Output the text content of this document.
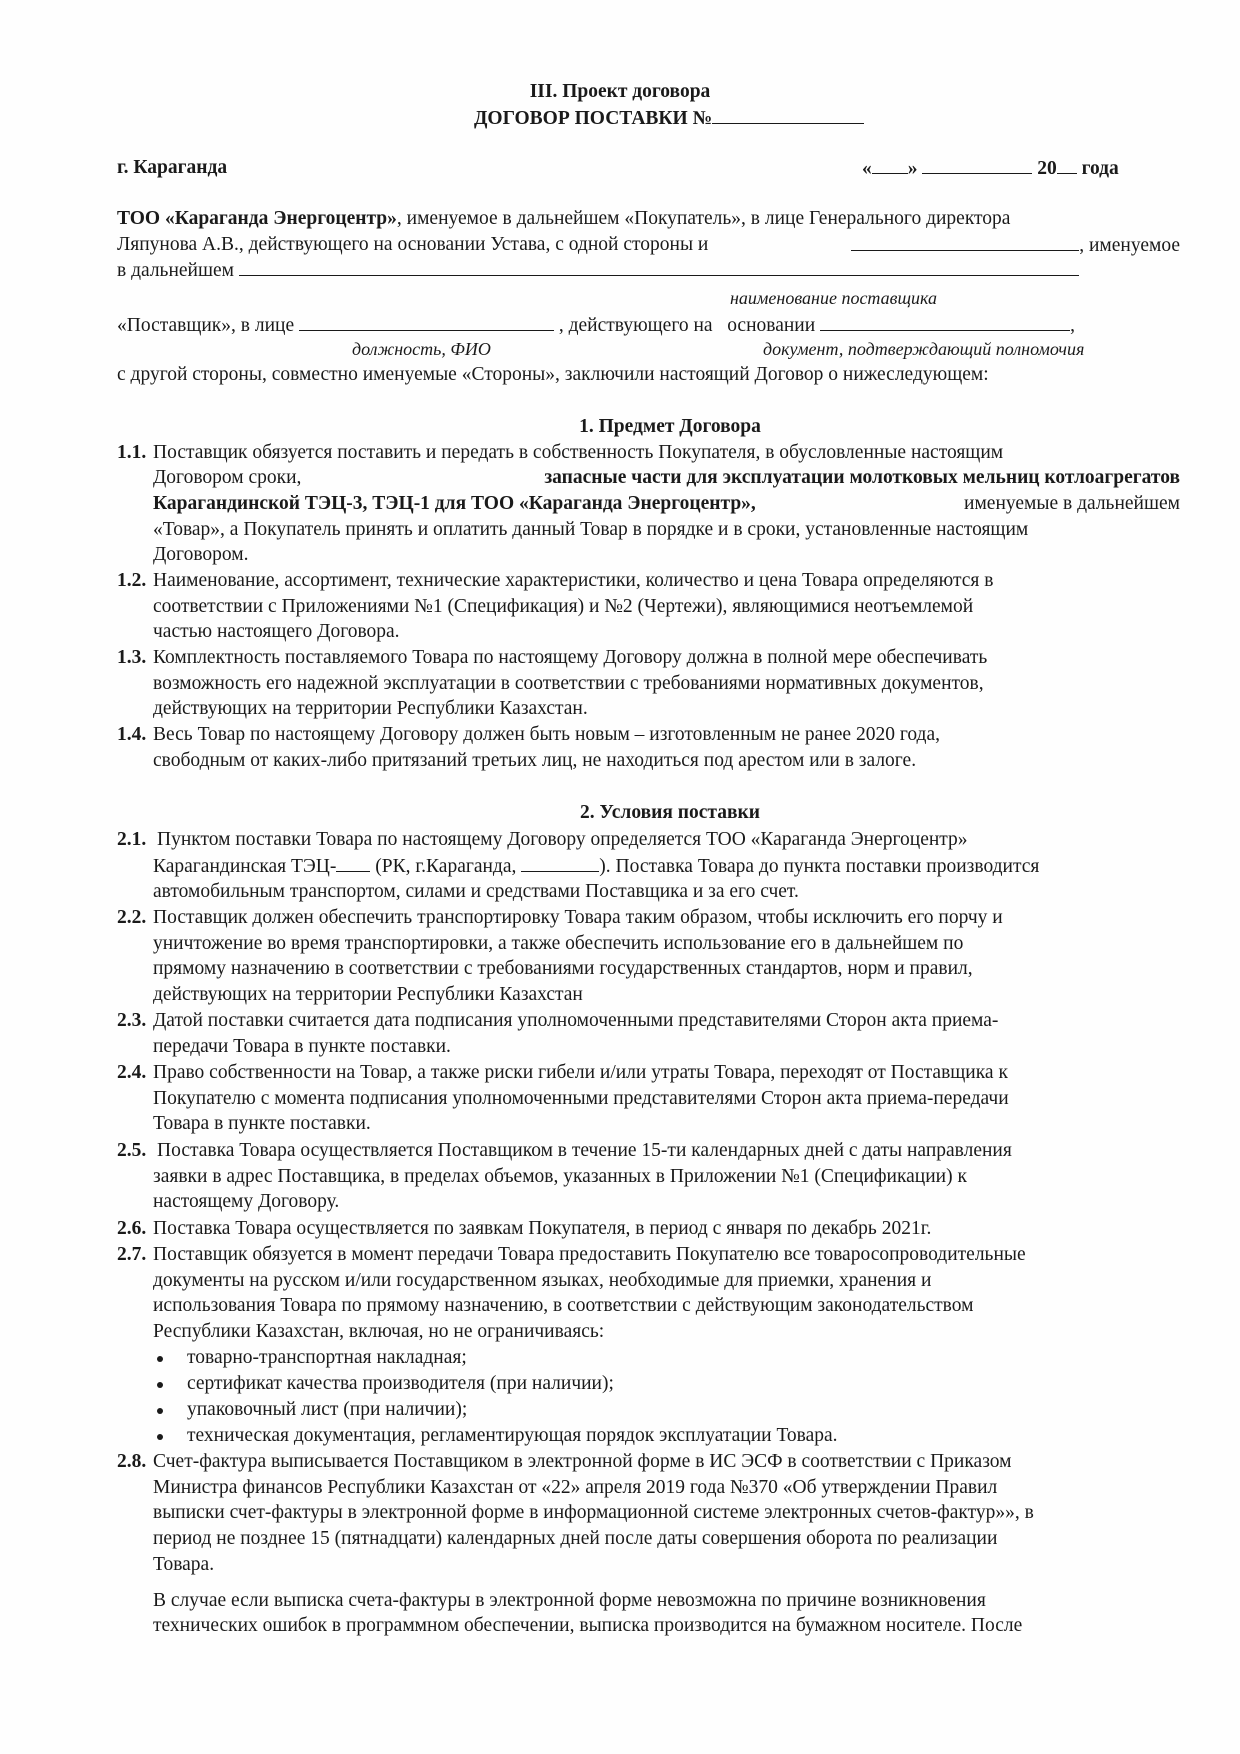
III. Проект договора
ДОГОВОР ПОСТАВКИ №
г. Караганда	« »	20 года
ТОО «Караганда Энергоцентр», именуемое в дальнейшем «Покупатель», в лице Генерального директора
Ляпунова А.В., действующего на основании Устава, с одной стороны и	, именуемое
в дальнейшем
наименование поставщика
«Поставщик», в лице	, действующего на основании	,
должность, ФИО	документ, подтверждающий полномочия
с другой стороны, совместно именуемые «Стороны», заключили настоящий Договор о нижеследующем:
1. Предмет Договора
1.1. Поставщик обязуется поставить и передать в собственность Покупателя, в обусловленные настоящим
Договором сроки,	запасные части для эксплуатации молотковых мельниц котлоагрегатов
Карагандинской ТЭЦ-3, ТЭЦ-1 для ТОО «Караганда Энергоцентр»,	именуемые в дальнейшем
«Товар», а Покупатель принять и оплатить данный Товар в порядке и в сроки, установленные настоящим
Договором.
1.2. Наименование, ассортимент, технические характеристики, количество и цена Товара определяются в
соответствии с Приложениями №1 (Спецификация) и №2 (Чертежи), являющимися неотъемлемой
частью настоящего Договора.
1.3. Комплектность поставляемого Товара по настоящему Договору должна в полной мере обеспечивать
возможность его надежной эксплуатации в соответствии с требованиями нормативных документов,
действующих на территории Республики Казахстан.
1.4. Весь Товар по настоящему Договору должен быть новым – изготовленным не ранее 2020 года,
свободным от каких-либо притязаний третьих лиц, не находиться под арестом или в залоге.
2. Условия поставки
2.1. Пунктом поставки Товара по настоящему Договору определяется ТОО «Караганда Энергоцентр»
Карагандинская ТЭЦ- (РК, г.Караганда,	). Поставка Товара до пункта поставки производится
автомобильным транспортом, силами и средствами Поставщика и за его счет.
2.2. Поставщик должен обеспечить транспортировку Товара таким образом, чтобы исключить его порчу и
уничтожение во время транспортировки, а также обеспечить использование его в дальнейшем по
прямому назначению в соответствии с требованиями государственных стандартов, норм и правил,
действующих на территории Республики Казахстан
2.3. Датой поставки считается дата подписания уполномоченными представителями Сторон акта приема-
передачи Товара в пункте поставки.
2.4. Право собственности на Товар, а также риски гибели и/или утраты Товара, переходят от Поставщика к
Покупателю с момента подписания уполномоченными представителями Сторон акта приема-передачи
Товара в пункте поставки.
2.5. Поставка Товара осуществляется Поставщиком в течение 15-ти календарных дней с даты направления
заявки в адрес Поставщика, в пределах объемов, указанных в Приложении №1 (Спецификации) к
настоящему Договору.
2.6. Поставка Товара осуществляется по заявкам Покупателя, в период с января по декабрь 2021г.
2.7. Поставщик обязуется в момент передачи Товара предоставить Покупателю все товаросопроводительные
документы на русском и/или государственном языках, необходимые для приемки, хранения и
использования Товара по прямому назначению, в соответствии с действующим законодательством
Республики Казахстан, включая, но не ограничиваясь:
товарно-транспортная накладная;
сертификат качества производителя (при наличии);
упаковочный лист (при наличии);
техническая документация, регламентирующая порядок эксплуатации Товара.
2.8. Счет-фактура выписывается Поставщиком в электронной форме в ИС ЭСФ в соответствии с Приказом
Министра финансов Республики Казахстан от «22» апреля 2019 года №370 «Об утверждении Правил
выписки счет-фактуры в электронной форме в информационной системе электронных счетов-фактур»», в
период не позднее 15 (пятнадцати) календарных дней после даты совершения оборота по реализации
Товара.
В случае если выписка счета-фактуры в электронной форме невозможна по причине возникновения
технических ошибок в программном обеспечении, выписка производится на бумажном носителе. После
